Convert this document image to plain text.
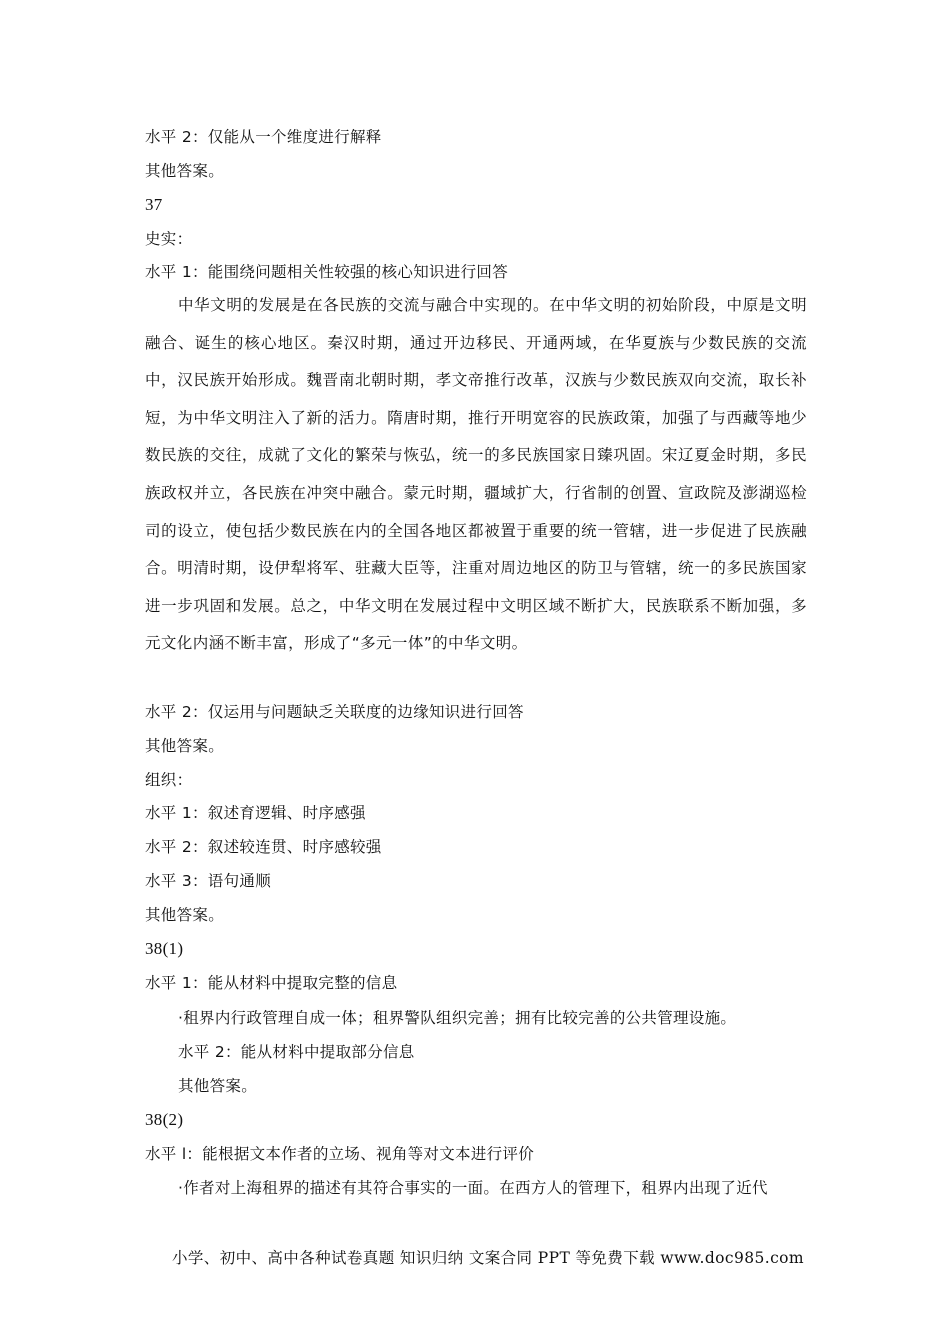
水平 2：仅能从一个维度进行解释
其他答案。
37
史实：
水平 1：能围绕问题相关性较强的核心知识进行回答

中华文明的发展是在各民族的交流与融合中实现的。在中华文明的初始阶段，中原是文明融合、诞生的核心地区。秦汉时期，通过开边移民、开通两域，在华夏族与少数民族的交流中，汉民族开始形成。魏晋南北朝时期，孝文帝推行改革，汉族与少数民族双向交流，取长补短，为中华文明注入了新的活力。隋唐时期，推行开明宽容的民族政策，加强了与西藏等地少数民族的交往，成就了文化的繁荣与恢弘，统一的多民族国家日臻巩固。宋辽夏金时期，多民族政权并立，各民族在冲突中融合。蒙元时期，疆域扩大，行省制的创置、宣政院及澎湖巡检司的设立，使包括少数民族在内的全国各地区都被置于重要的统一管辖，进一步促进了民族融合。明清时期，设伊犁将军、驻藏大臣等，注重对周边地区的防卫与管辖，统一的多民族国家进一步巩固和发展。总之，中华文明在发展过程中文明区域不断扩大，民族联系不断加强，多元文化内涵不断丰富，形成了“多元一体”的中华文明。

水平 2：仅运用与问题缺乏关联度的边缘知识进行回答
其他答案。
组织：
水平 1：叙述育逻辑、时序感强
水平 2：叙述较连贯、时序感较强
水平 3：语句通顺
其他答案。
38(1)
水平 1：能从材料中提取完整的信息
·租界内行政管理自成一体；租界警队组织完善；拥有比较完善的公共管理设施。
水平 2：能从材料中提取部分信息
其他答案。
38(2)
水平 l：能根据文本作者的立场、视角等对文本进行评价
·作者对上海租界的描述有其符合事实的一面。在西方人的管理下，租界内出现了近代
小学、初中、高中各种试卷真题 知识归纳 文案合同 PPT 等免费下载 www.doc985.com
